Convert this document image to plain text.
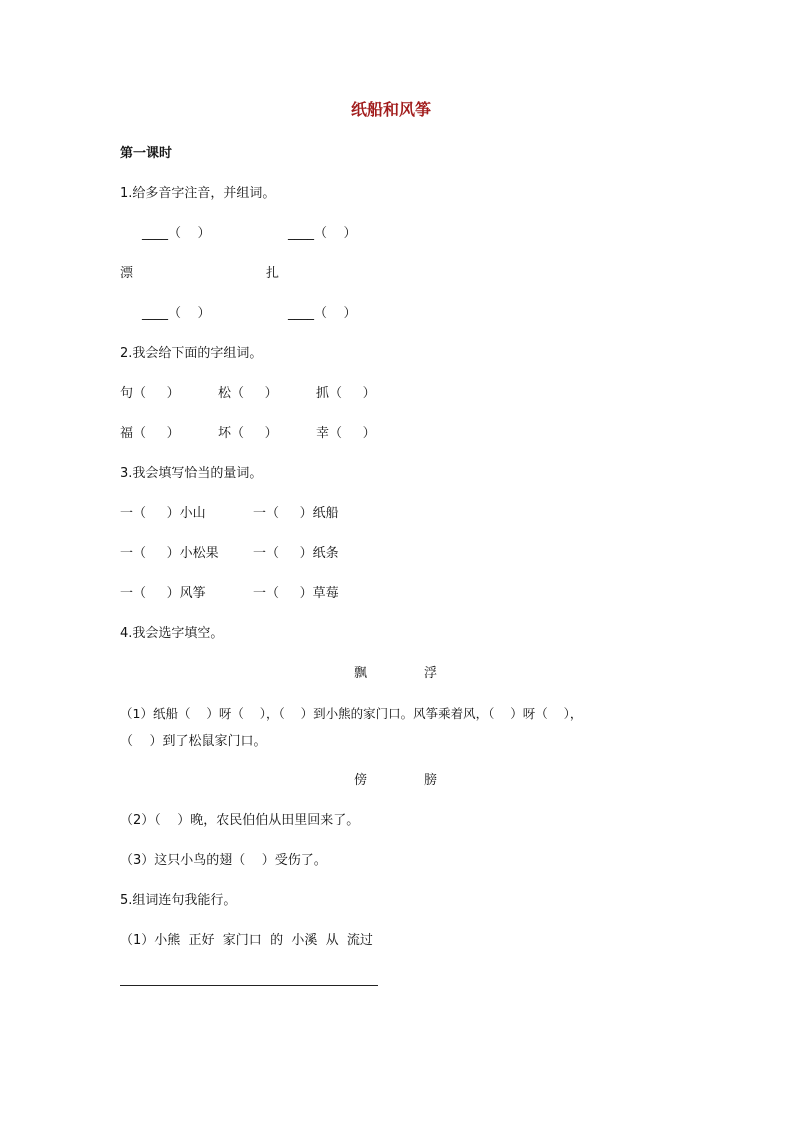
纸船和风筝
第一课时
1.给多音字注音，并组词。
____（    ）	____（    ）
漂	扎
____（    ）	____（    ）
2.我会给下面的字组词。
句（     ）	松（     ）	抓（     ）
福（     ）	坏（     ）	幸（     ）
3.我会填写恰当的量词。
一（     ）小山	一（     ）纸船
一（     ）小松果	一（     ）纸条
一（     ）风筝	一（     ）草莓
4.我会选字填空。
飘	浮
（1）纸船（    ）呀（    ），（    ）到小熊的家门口。风筝乘着风，（    ）呀（    ），
（    ）到了松鼠家门口。
傍	膀
（2）（    ）晚，农民伯伯从田里回来了。
（3）这只小鸟的翅（    ）受伤了。
5.组词连句我能行。
（1）小熊  正好  家门口  的  小溪  从  流过
